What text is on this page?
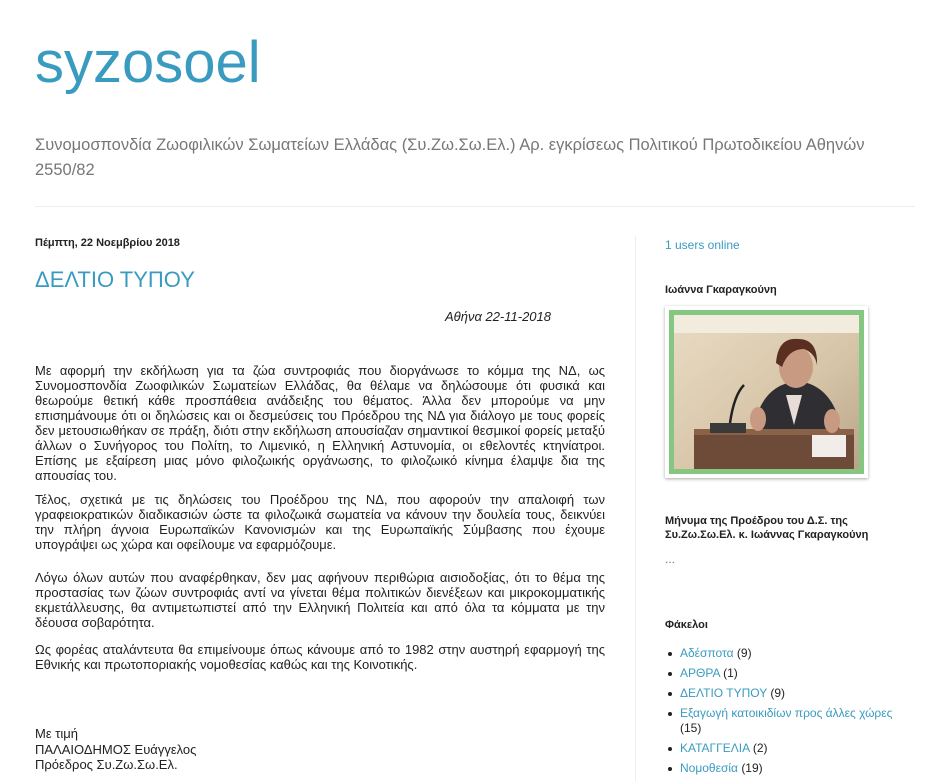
syzosoel
Συνομοσπονδία Ζωοφιλικών Σωματείων Ελλάδας (Συ.Ζω.Σω.Ελ.) Αρ. εγκρίσεως Πολιτικού Πρωτοδικείου Αθηνών 2550/82
Πέμπτη, 22 Νοεμβρίου 2018
ΔΕΛΤΙΟ ΤΥΠΟΥ
Αθήνα 22-11-2018
Με αφορμή την εκδήλωση για τα ζώα συντροφιάς που διοργάνωσε το κόμμα της ΝΔ, ως Συνομοσπονδία Ζωοφιλικών Σωματείων Ελλάδας, θα θέλαμε να δηλώσουμε ότι φυσικά και θεωρούμε θετική κάθε προσπάθεια ανάδειξης του θέματος. Άλλα δεν μπορούμε να μην επισημάνουμε ότι οι δηλώσεις και οι δεσμεύσεις του Πρόεδρου της ΝΔ για διάλογο με τους φορείς δεν μετουσιωθήκαν σε πράξη, διότι στην εκδήλωση απουσίαζαν σημαντικοί θεσμικοί φορείς μεταξύ άλλων ο Συνήγορος του Πολίτη, το Λιμενικό, η Ελληνική Αστυνομία, οι εθελοντές κτηνίατροι. Επίσης με εξαίρεση μιας μόνο φιλοζωικής οργάνωσης, το φιλοζωικό κίνημα έλαμψε δια της απουσίας του.
Τέλος, σχετικά με τις δηλώσεις του Προέδρου της ΝΔ, που αφορούν την απαλοιφή των γραφειοκρατικών διαδικασιών ώστε τα φιλοζωικά σωματεία να κάνουν την δουλεία τους, δεικνύει την πλήρη άγνοια Ευρωπαϊκών Κανονισμών και της Ευρωπαϊκής Σύμβασης που έχουμε υπογράψει ως χώρα και οφείλουμε να εφαρμόζουμε.
Λόγω όλων αυτών που αναφέρθηκαν, δεν μας αφήνουν περιθώρια αισιοδοξίας, ότι το θέμα της προστασίας των ζώων συντροφιάς αντί να γίνεται θέμα πολιτικών διενέξεων και μικροκομματικής εκμετάλλευσης, θα αντιμετωπιστεί από την Ελληνική Πολιτεία και από όλα τα κόμματα με την δέουσα σοβαρότητα.
Ως φορέας αταλάντευτα θα επιμείνουμε όπως κάνουμε από το 1982 στην αυστηρή εφαρμογή της Εθνικής και πρωτοποριακής νομοθεσίας καθώς και της Κοινοτικής.
Με τιμή
ΠΑΛΑΙΟΔΗΜΟΣ Ευάγγελος
Πρόεδρος Συ.Ζω.Σω.Ελ.
1 users online
Ιωάννα Γκαραγκούνη
Μήνυμα της Προέδρου του Δ.Σ. της Συ.Ζω.Σω.Ελ. κ. Ιωάννας Γκαραγκούνη
...
Φάκελοι
Αδέσποτα (9)
ΑΡΘΡΑ (1)
ΔΕΛΤΙΟ ΤΥΠΟΥ (9)
Εξαγωγή κατοικιδίων προς άλλες χώρες
(15)
ΚΑΤΑΓΓΕΛΙΑ (2)
Νομοθεσία (19)
